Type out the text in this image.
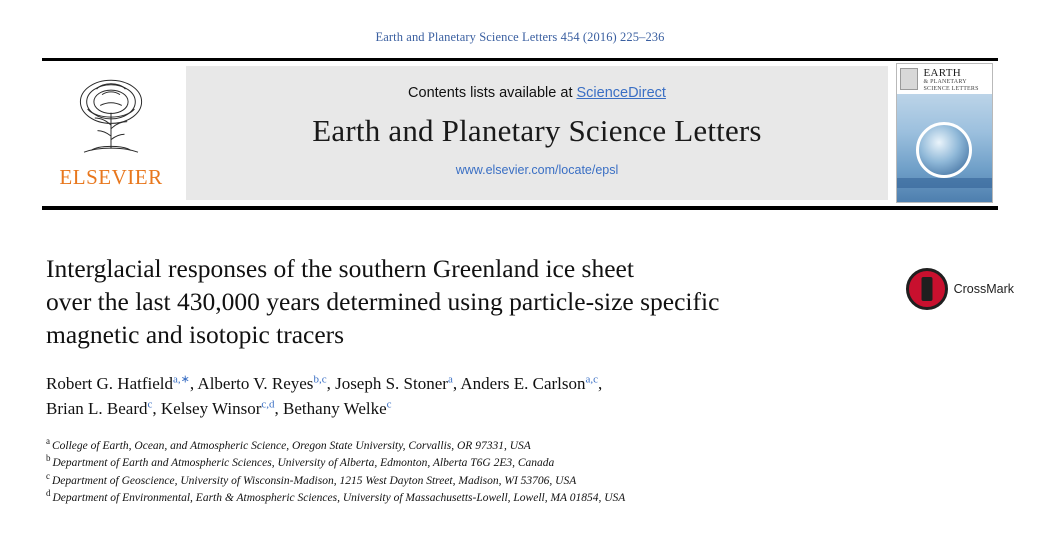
Earth and Planetary Science Letters 454 (2016) 225–236
ELSEVIER
Contents lists available at ScienceDirect
Earth and Planetary Science Letters
www.elsevier.com/locate/epsl
EARTH
& PLANETARY
SCIENCE LETTERS
CrossMark
Interglacial responses of the southern Greenland ice sheet
over the last 430,000 years determined using particle-size specific
magnetic and isotopic tracers
Robert G. Hatfield$^{a,∗}$, Alberto V. Reyes$^{b,c}$, Joseph S. Stoner$^a$, Anders E. Carlson$^{a,c}$,
Brian L. Beard$^c$, Kelsey Winsor$^{c,d}$, Bethany Welke$^c$
$^a$ College of Earth, Ocean, and Atmospheric Science, Oregon State University, Corvallis, OR 97331, USA
$^b$ Department of Earth and Atmospheric Sciences, University of Alberta, Edmonton, Alberta T6G 2E3, Canada
$^c$ Department of Geoscience, University of Wisconsin-Madison, 1215 West Dayton Street, Madison, WI 53706, USA
$^d$ Department of Environmental, Earth & Atmospheric Sciences, University of Massachusetts-Lowell, Lowell, MA 01854, USA
